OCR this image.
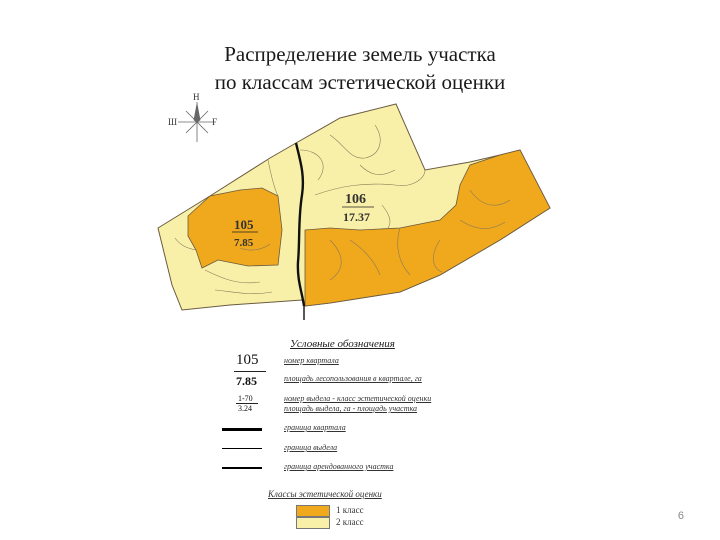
Распределение земель участка
по классам эстетической оценки
Н
Ш	Г
105
7.85
106
17.37
Условные обозначения
105
7.85
1-70
3.24
номер квартала
площадь лесопользования в квартале, га
номер выдела - класс эстетической оценки
площадь выдела, га - площадь участка
граница квартала
граница выдела
граница арендованного участка
Классы эстетической оценки
1 класс
2 класс	6
